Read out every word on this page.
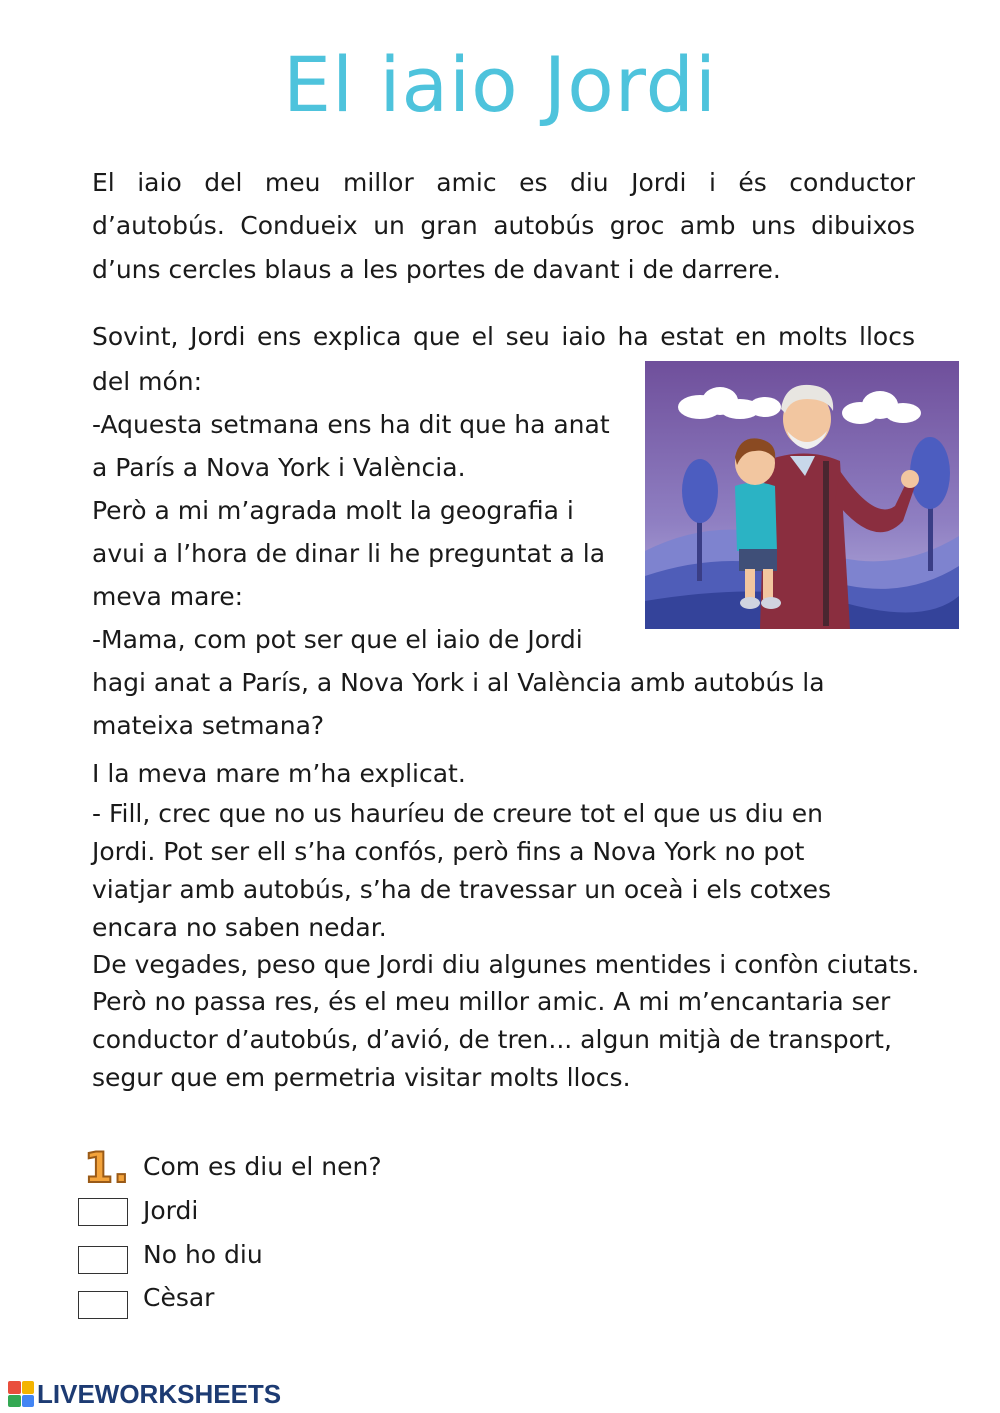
El iaio Jordi

El iaio del meu millor amic es diu Jordi i és conductor

d’autobús. Condueix un gran autobús groc amb uns dibuixos

d’uns cercles blaus a les portes de davant i de darrere.

Sovint, Jordi ens explica que el seu iaio ha estat en molts llocs

del món:

-Aquesta setmana ens ha dit que ha anat

a París a Nova York i València.

Però a mi m’agrada molt la geografia i

avui a l’hora de dinar li he preguntat a la

meva mare:

-Mama, com pot ser que el iaio de Jordi

hagi anat a París, a Nova York i al València amb autobús la

mateixa setmana?

I la meva mare m’ha explicat.

- Fill, crec que no us hauríeu de creure tot el que us diu en

Jordi. Pot ser ell s’ha confós, però fins a Nova York no pot

viatjar amb autobús, s’ha de travessar un oceà i els cotxes

encara no saben nedar.

De vegades, peso que Jordi diu algunes mentides i confòn ciutats.

Però no passa res, és el meu millor amic. A mi m’encantaria ser

conductor d’autobús, d’avió, de tren... algun mitjà de transport,

segur que em permetria visitar molts llocs.

1. Com es diu el nen?
Jordi
No ho diu
Cèsar
LIVEWORKSHEETS
